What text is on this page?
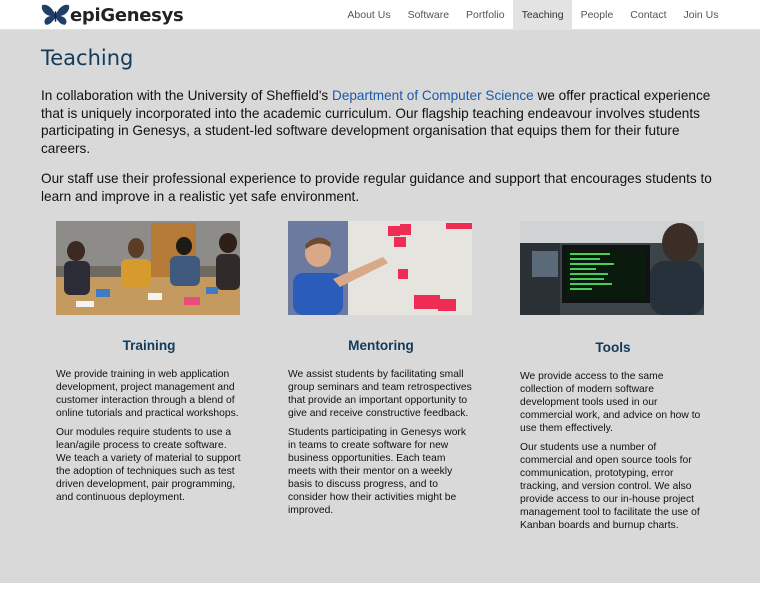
epiGenesys	About Us	Software	Portfolio	Teaching	People	Contact	Join Us
Teaching

In collaboration with the University of Sheffield's Department of Computer Science we offer practical experience that is uniquely incorporated into the academic curriculum. Our flagship teaching endeavour involves students participating in Genesys, a student-led software development organisation that equips them for their future careers.

Our staff use their professional experience to provide regular guidance and support that encourages students to learn and improve in a realistic yet safe environment.

Training

We provide training in web application development, project management and customer interaction through a blend of online tutorials and practical workshops.

Our modules require students to use a lean/agile process to create software. We teach a variety of material to support the adoption of techniques such as test driven development, pair programming, and continuous deployment.

Mentoring

We assist students by facilitating small group seminars and team retrospectives that provide an important opportunity to give and receive constructive feedback.

Students participating in Genesys work in teams to create software for new business opportunities. Each team meets with their mentor on a weekly basis to discuss progress, and to consider how their activities might be improved.

Tools

We provide access to the same collection of modern software development tools used in our commercial work, and advice on how to use them effectively.

Our students use a number of commercial and open source tools for communication, prototyping, error tracking, and version control. We also provide access to our in-house project management tool to facilitate the use of Kanban boards and burnup charts.
